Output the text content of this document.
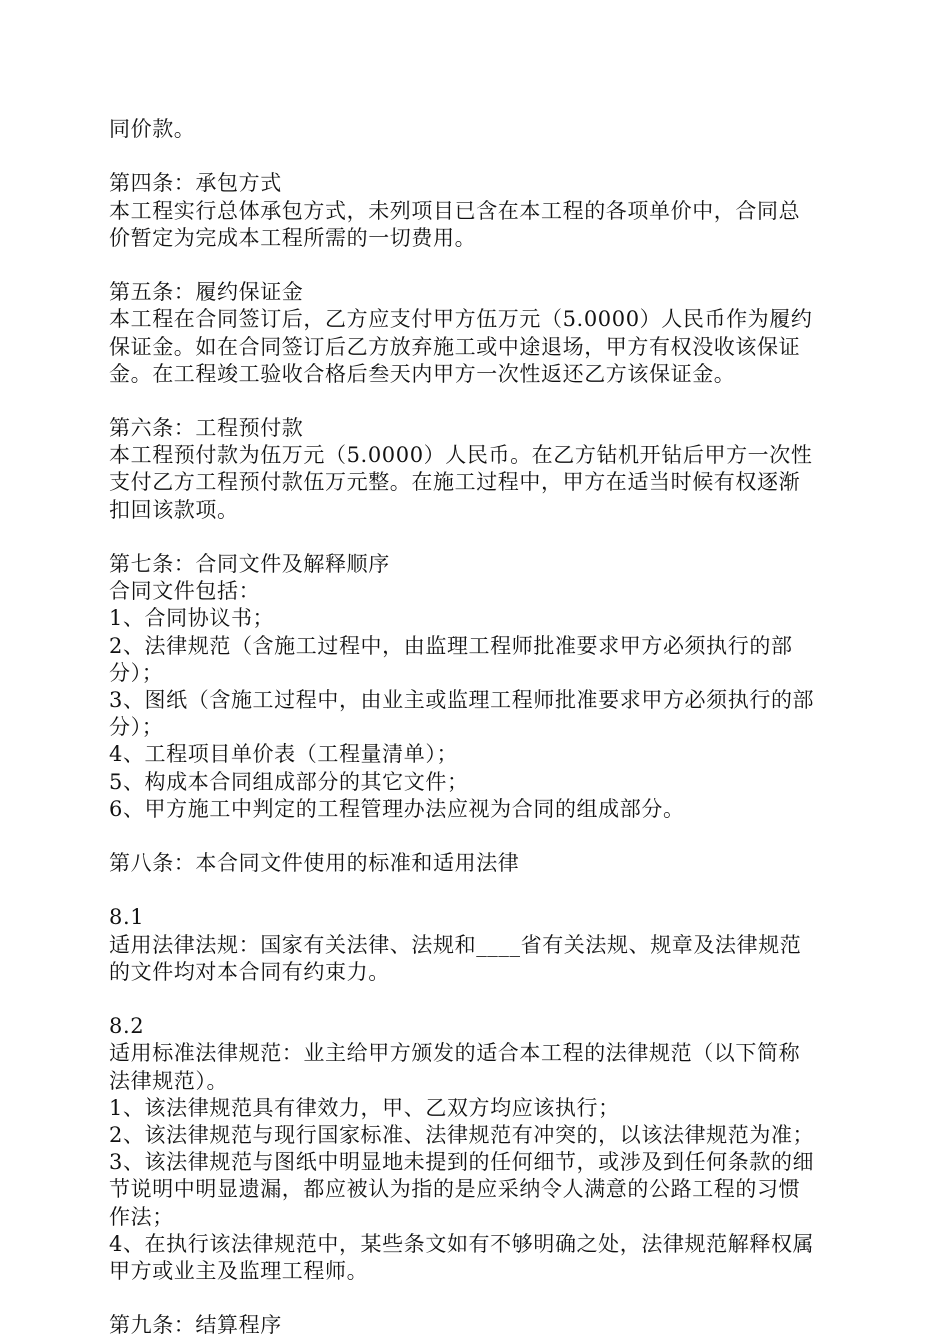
同价款。
第四条：承包方式
本工程实行总体承包方式，未列项目已含在本工程的各项单价中，合同总
价暂定为完成本工程所需的一切费用。
第五条：履约保证金
本工程在合同签订后，乙方应支付甲方伍万元（5.0000）人民币作为履约
保证金。如在合同签订后乙方放弃施工或中途退场，甲方有权没收该保证
金。在工程竣工验收合格后叁天内甲方一次性返还乙方该保证金。
第六条：工程预付款
本工程预付款为伍万元（5.0000）人民币。在乙方钻机开钻后甲方一次性
支付乙方工程预付款伍万元整。在施工过程中，甲方在适当时候有权逐渐
扣回该款项。
第七条：合同文件及解释顺序
合同文件包括：
1、合同协议书；
2、法律规范（含施工过程中，由监理工程师批准要求甲方必须执行的部
分）；
3、图纸（含施工过程中，由业主或监理工程师批准要求甲方必须执行的部
分）；
4、工程项目单价表（工程量清单）；
5、构成本合同组成部分的其它文件；
6、甲方施工中判定的工程管理办法应视为合同的组成部分。
第八条：本合同文件使用的标准和适用法律
8.1
适用法律法规：国家有关法律、法规和____省有关法规、规章及法律规范
的文件均对本合同有约束力。
8.2
适用标准法律规范：业主给甲方颁发的适合本工程的法律规范（以下简称
法律规范）。
1、该法律规范具有律效力，甲、乙双方均应该执行；
2、该法律规范与现行国家标准、法律规范有冲突的，以该法律规范为准；
3、该法律规范与图纸中明显地未提到的任何细节，或涉及到任何条款的细
节说明中明显遗漏，都应被认为指的是应采纳令人满意的公路工程的习惯
作法；
4、在执行该法律规范中，某些条文如有不够明确之处，法律规范解释权属
甲方或业主及监理工程师。
第九条：结算程序
